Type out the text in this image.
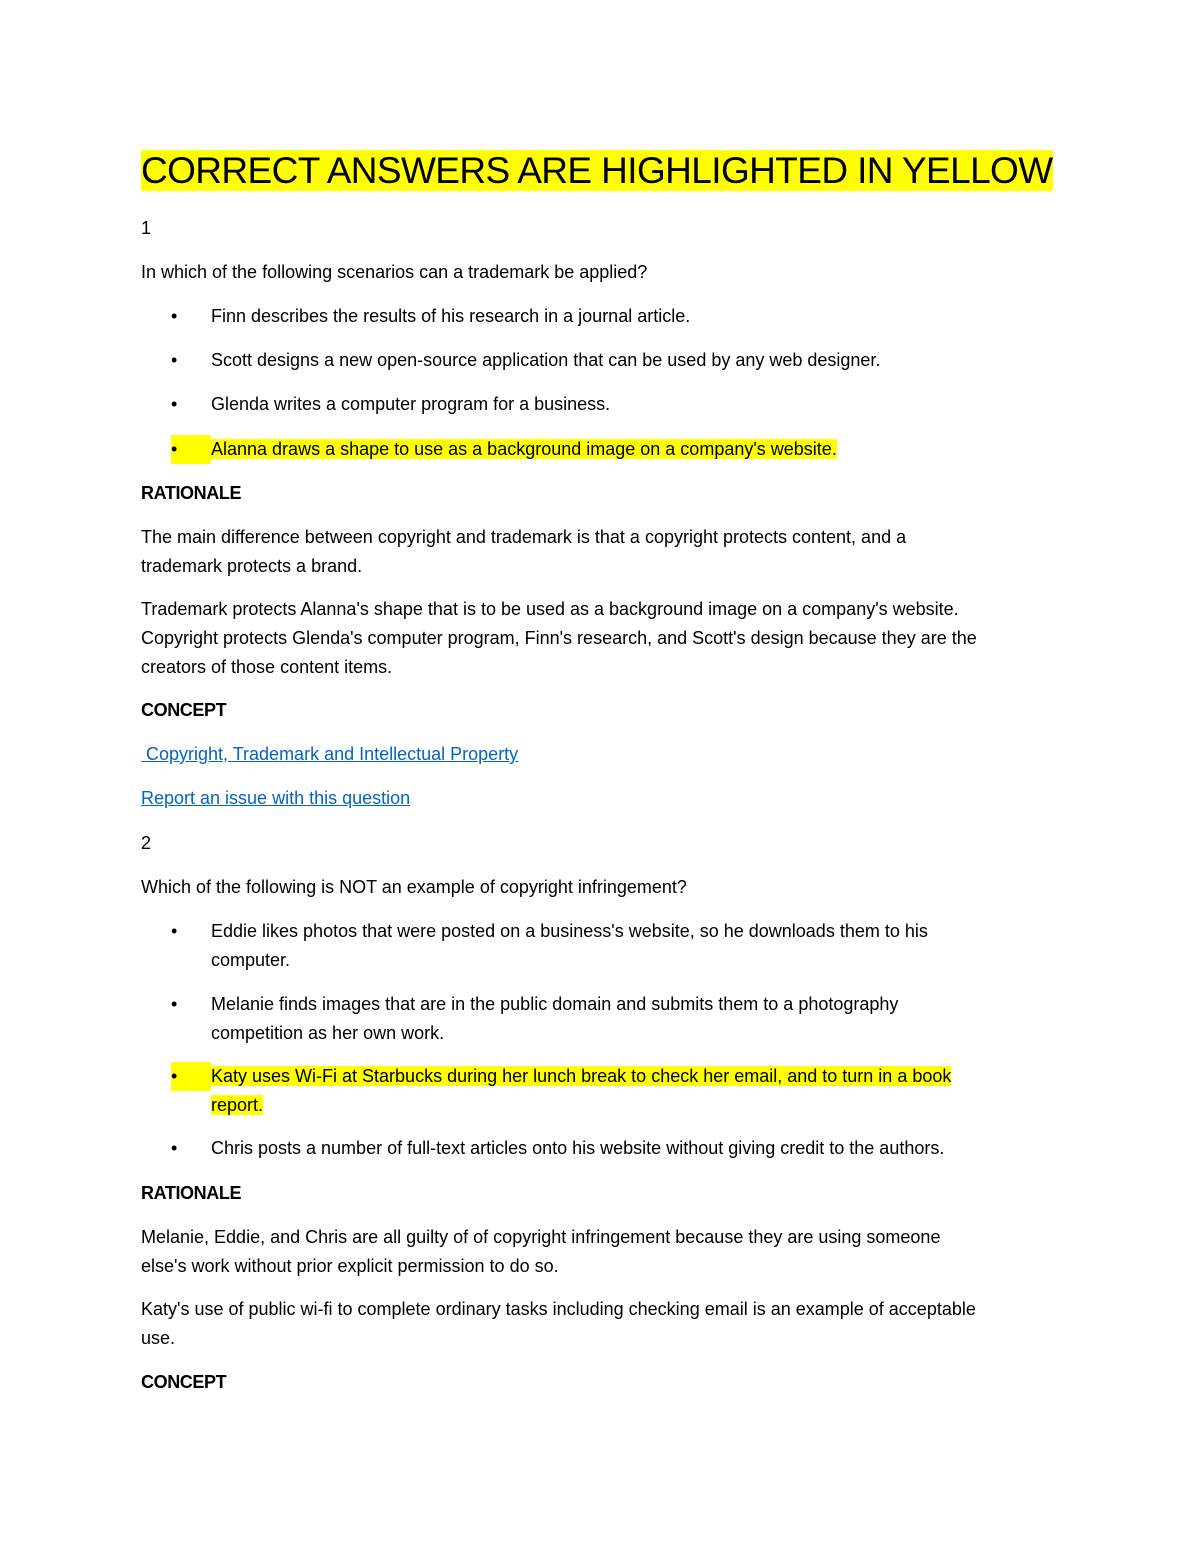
CORRECT ANSWERS ARE HIGHLIGHTED IN YELLOW
1
In which of the following scenarios can a trademark be applied?
•	Finn describes the results of his research in a journal article.
•	Scott designs a new open-source application that can be used by any web designer.
•	Glenda writes a computer program for a business.
•	Alanna draws a shape to use as a background image on a company's website.
RATIONALE
The main difference between copyright and trademark is that a copyright protects content, and a
trademark protects a brand.
Trademark protects Alanna's shape that is to be used as a background image on a company's website.
Copyright protects Glenda's computer program, Finn's research, and Scott's design because they are the
creators of those content items.
CONCEPT
Copyright, Trademark and Intellectual Property
Report an issue with this question
2
Which of the following is NOT an example of copyright infringement?
•	Eddie likes photos that were posted on a business's website, so he downloads them to his
computer.
•	Melanie finds images that are in the public domain and submits them to a photography
competition as her own work.
•	Katy uses Wi-Fi at Starbucks during her lunch break to check her email, and to turn in a book
report.
•	Chris posts a number of full-text articles onto his website without giving credit to the authors.
RATIONALE
Melanie, Eddie, and Chris are all guilty of of copyright infringement because they are using someone
else's work without prior explicit permission to do so.
Katy's use of public wi-fi to complete ordinary tasks including checking email is an example of acceptable
use.
CONCEPT
